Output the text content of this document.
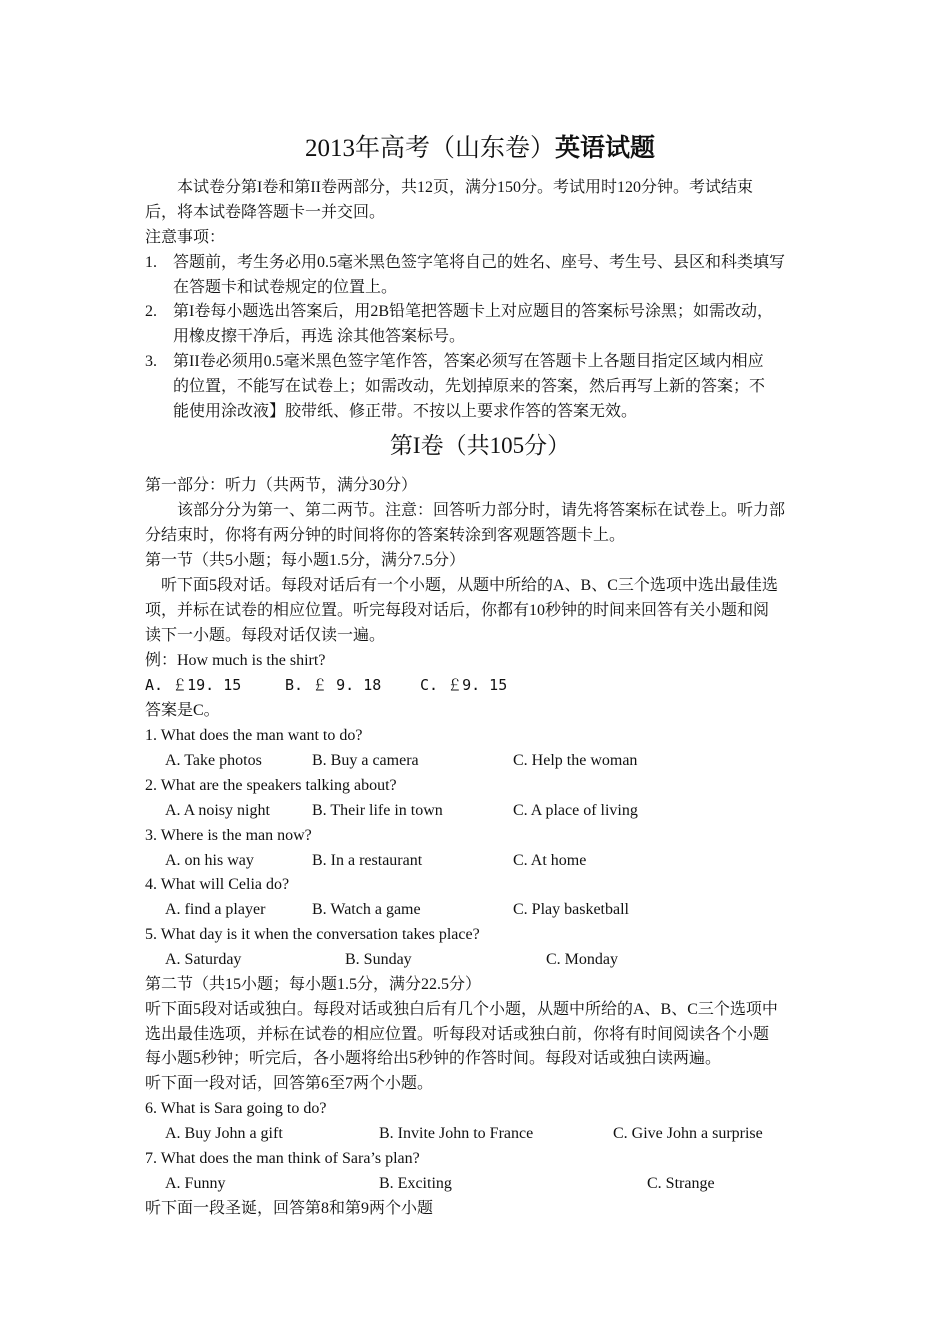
2013年高考（山东卷）英语试题
本试卷分第I卷和第II卷两部分，共12页，满分150分。考试用时120分钟。考试结束
后，将本试卷降答题卡一并交回。
注意事项：
1. 答题前，考生务必用0.5毫米黑色签字笔将自己的姓名、座号、考生号、县区和科类填写
在答题卡和试卷规定的位置上。
2. 第I卷每小题选出答案后，用2B铅笔把答题卡上对应题目的答案标号涂黑；如需改动，
用橡皮擦干净后，再选 涂其他答案标号。
3. 第II卷必须用0.5毫米黑色签字笔作答，答案必须写在答题卡上各题目指定区域内相应
的位置，不能写在试卷上；如需改动，先划掉原来的答案，然后再写上新的答案；不
能使用涂改液】胶带纸、修正带。不按以上要求作答的答案无效。
第I卷（共105分）
第一部分：听力（共两节，满分30分）
该部分分为第一、第二两节。注意：回答听力部分时，请先将答案标在试卷上。听力部
分结束时，你将有两分钟的时间将你的答案转涂到客观题答题卡上。
第一节（共5小题；每小题1.5分，满分7.5分）
听下面5段对话。每段对话后有一个小题，从题中所给的A、B、C三个选项中选出最佳选
项，并标在试卷的相应位置。听完每段对话后，你都有10秒钟的时间来回答有关小题和阅
读下一小题。每段对话仅读一遍。
例：How much is the shirt?
A. ￡19. 15	B. ￡ 9. 18	C. ￡9. 15
答案是C。
1. What does the man want to do?
A. Take photos	B. Buy a camera	C. Help the woman
2. What are the speakers talking about?
A. A noisy night	B. Their life in town	C. A place of living
3. Where is the man now?
A. on his way	B. In a restaurant	C. At home
4. What will Celia do?
A. find a player	B. Watch a game	C. Play basketball
5. What day is it when the conversation takes place?
A. Saturday	B. Sunday	C. Monday
第二节（共15小题；每小题1.5分，满分22.5分）
听下面5段对话或独白。每段对话或独白后有几个小题，从题中所给的A、B、C三个选项中
选出最佳选项，并标在试卷的相应位置。听每段对话或独白前，你将有时间阅读各个小题
每小题5秒钟；听完后，各小题将给出5秒钟的作答时间。每段对话或独白读两遍。
听下面一段对话，回答第6至7两个小题。
6. What is Sara going to do?
A. Buy John a gift	B. Invite John to France	C. Give John a surprise
7. What does the man think of Sara’s plan?
A. Funny	B. Exciting	C. Strange
听下面一段圣诞，回答第8和第9两个小题
